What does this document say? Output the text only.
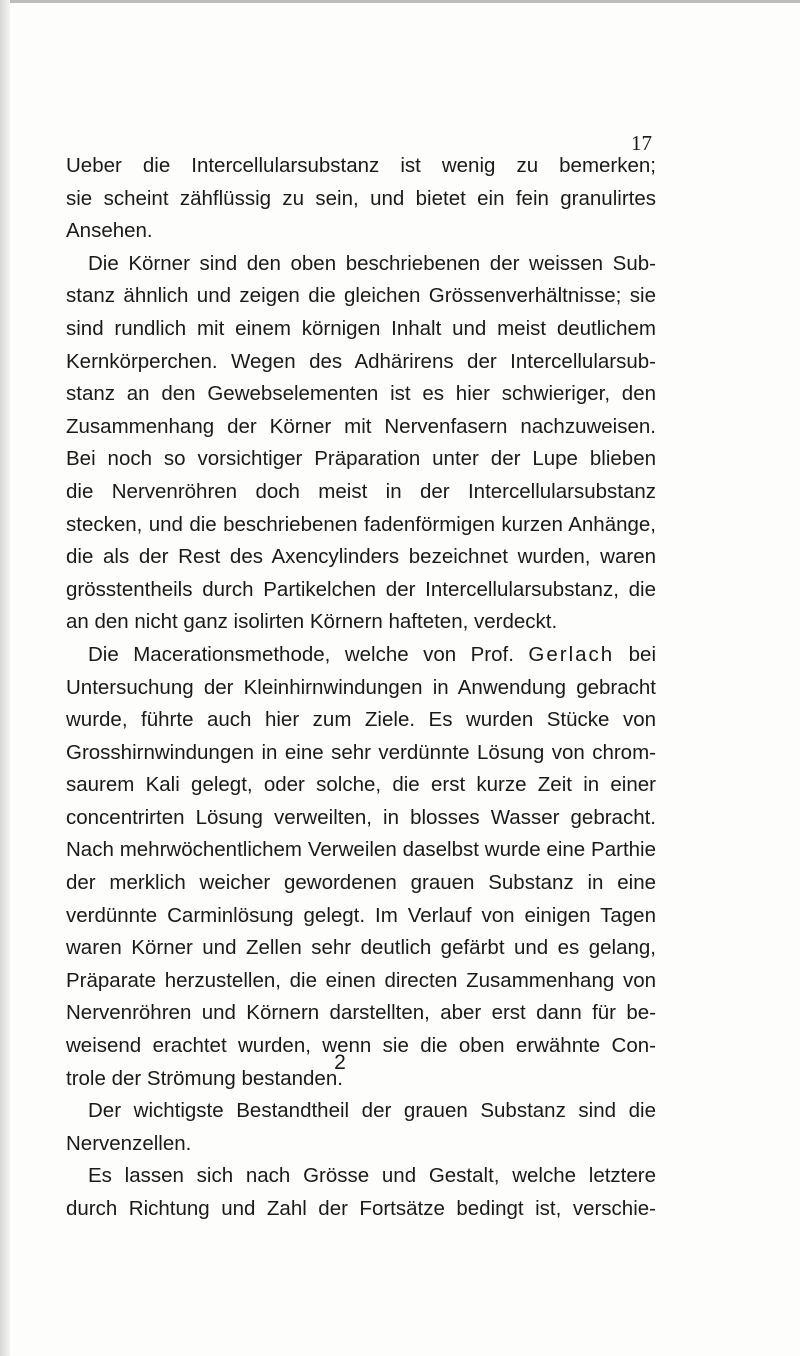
17
Ueber die Intercellularsubstanz ist wenig zu bemerken;
sie scheint zähflüssig zu sein, und bietet ein fein granulirtes
Ansehen.
Die Körner sind den oben beschriebenen der weissen Sub-
stanz ähnlich und zeigen die gleichen Grössenverhältnisse; sie
sind rundlich mit einem körnigen Inhalt und meist deutlichem
Kernkörperchen. Wegen des Adhärirens der Intercellularsub-
stanz an den Gewebselementen ist es hier schwieriger, den
Zusammenhang der Körner mit Nervenfasern nachzuweisen.
Bei noch so vorsichtiger Präparation unter der Lupe blieben
die Nervenröhren doch meist in der Intercellularsubstanz
stecken, und die beschriebenen fadenförmigen kurzen Anhänge,
die als der Rest des Axencylinders bezeichnet wurden, waren
grösstentheils durch Partikelchen der Intercellularsubstanz, die
an den nicht ganz isolirten Körnern hafteten, verdeckt.
Die Macerationsmethode, welche von Prof. Gerlach bei
Untersuchung der Kleinhirnwindungen in Anwendung gebracht
wurde, führte auch hier zum Ziele. Es wurden Stücke von
Grosshirnwindungen in eine sehr verdünnte Lösung von chrom-
saurem Kali gelegt, oder solche, die erst kurze Zeit in einer
concentrirten Lösung verweilten, in blosses Wasser gebracht.
Nach mehrwöchentlichem Verweilen daselbst wurde eine Parthie
der merklich weicher gewordenen grauen Substanz in eine
verdünnte Carminlösung gelegt. Im Verlauf von einigen Tagen
waren Körner und Zellen sehr deutlich gefärbt und es gelang,
Präparate herzustellen, die einen directen Zusammenhang von
Nervenröhren und Körnern darstellten, aber erst dann für be-
weisend erachtet wurden, wenn sie die oben erwähnte Con-
trole der Strömung bestanden.
Der wichtigste Bestandtheil der grauen Substanz sind die
Nervenzellen.
Es lassen sich nach Grösse und Gestalt, welche letztere
durch Richtung und Zahl der Fortsätze bedingt ist, verschie-
2
